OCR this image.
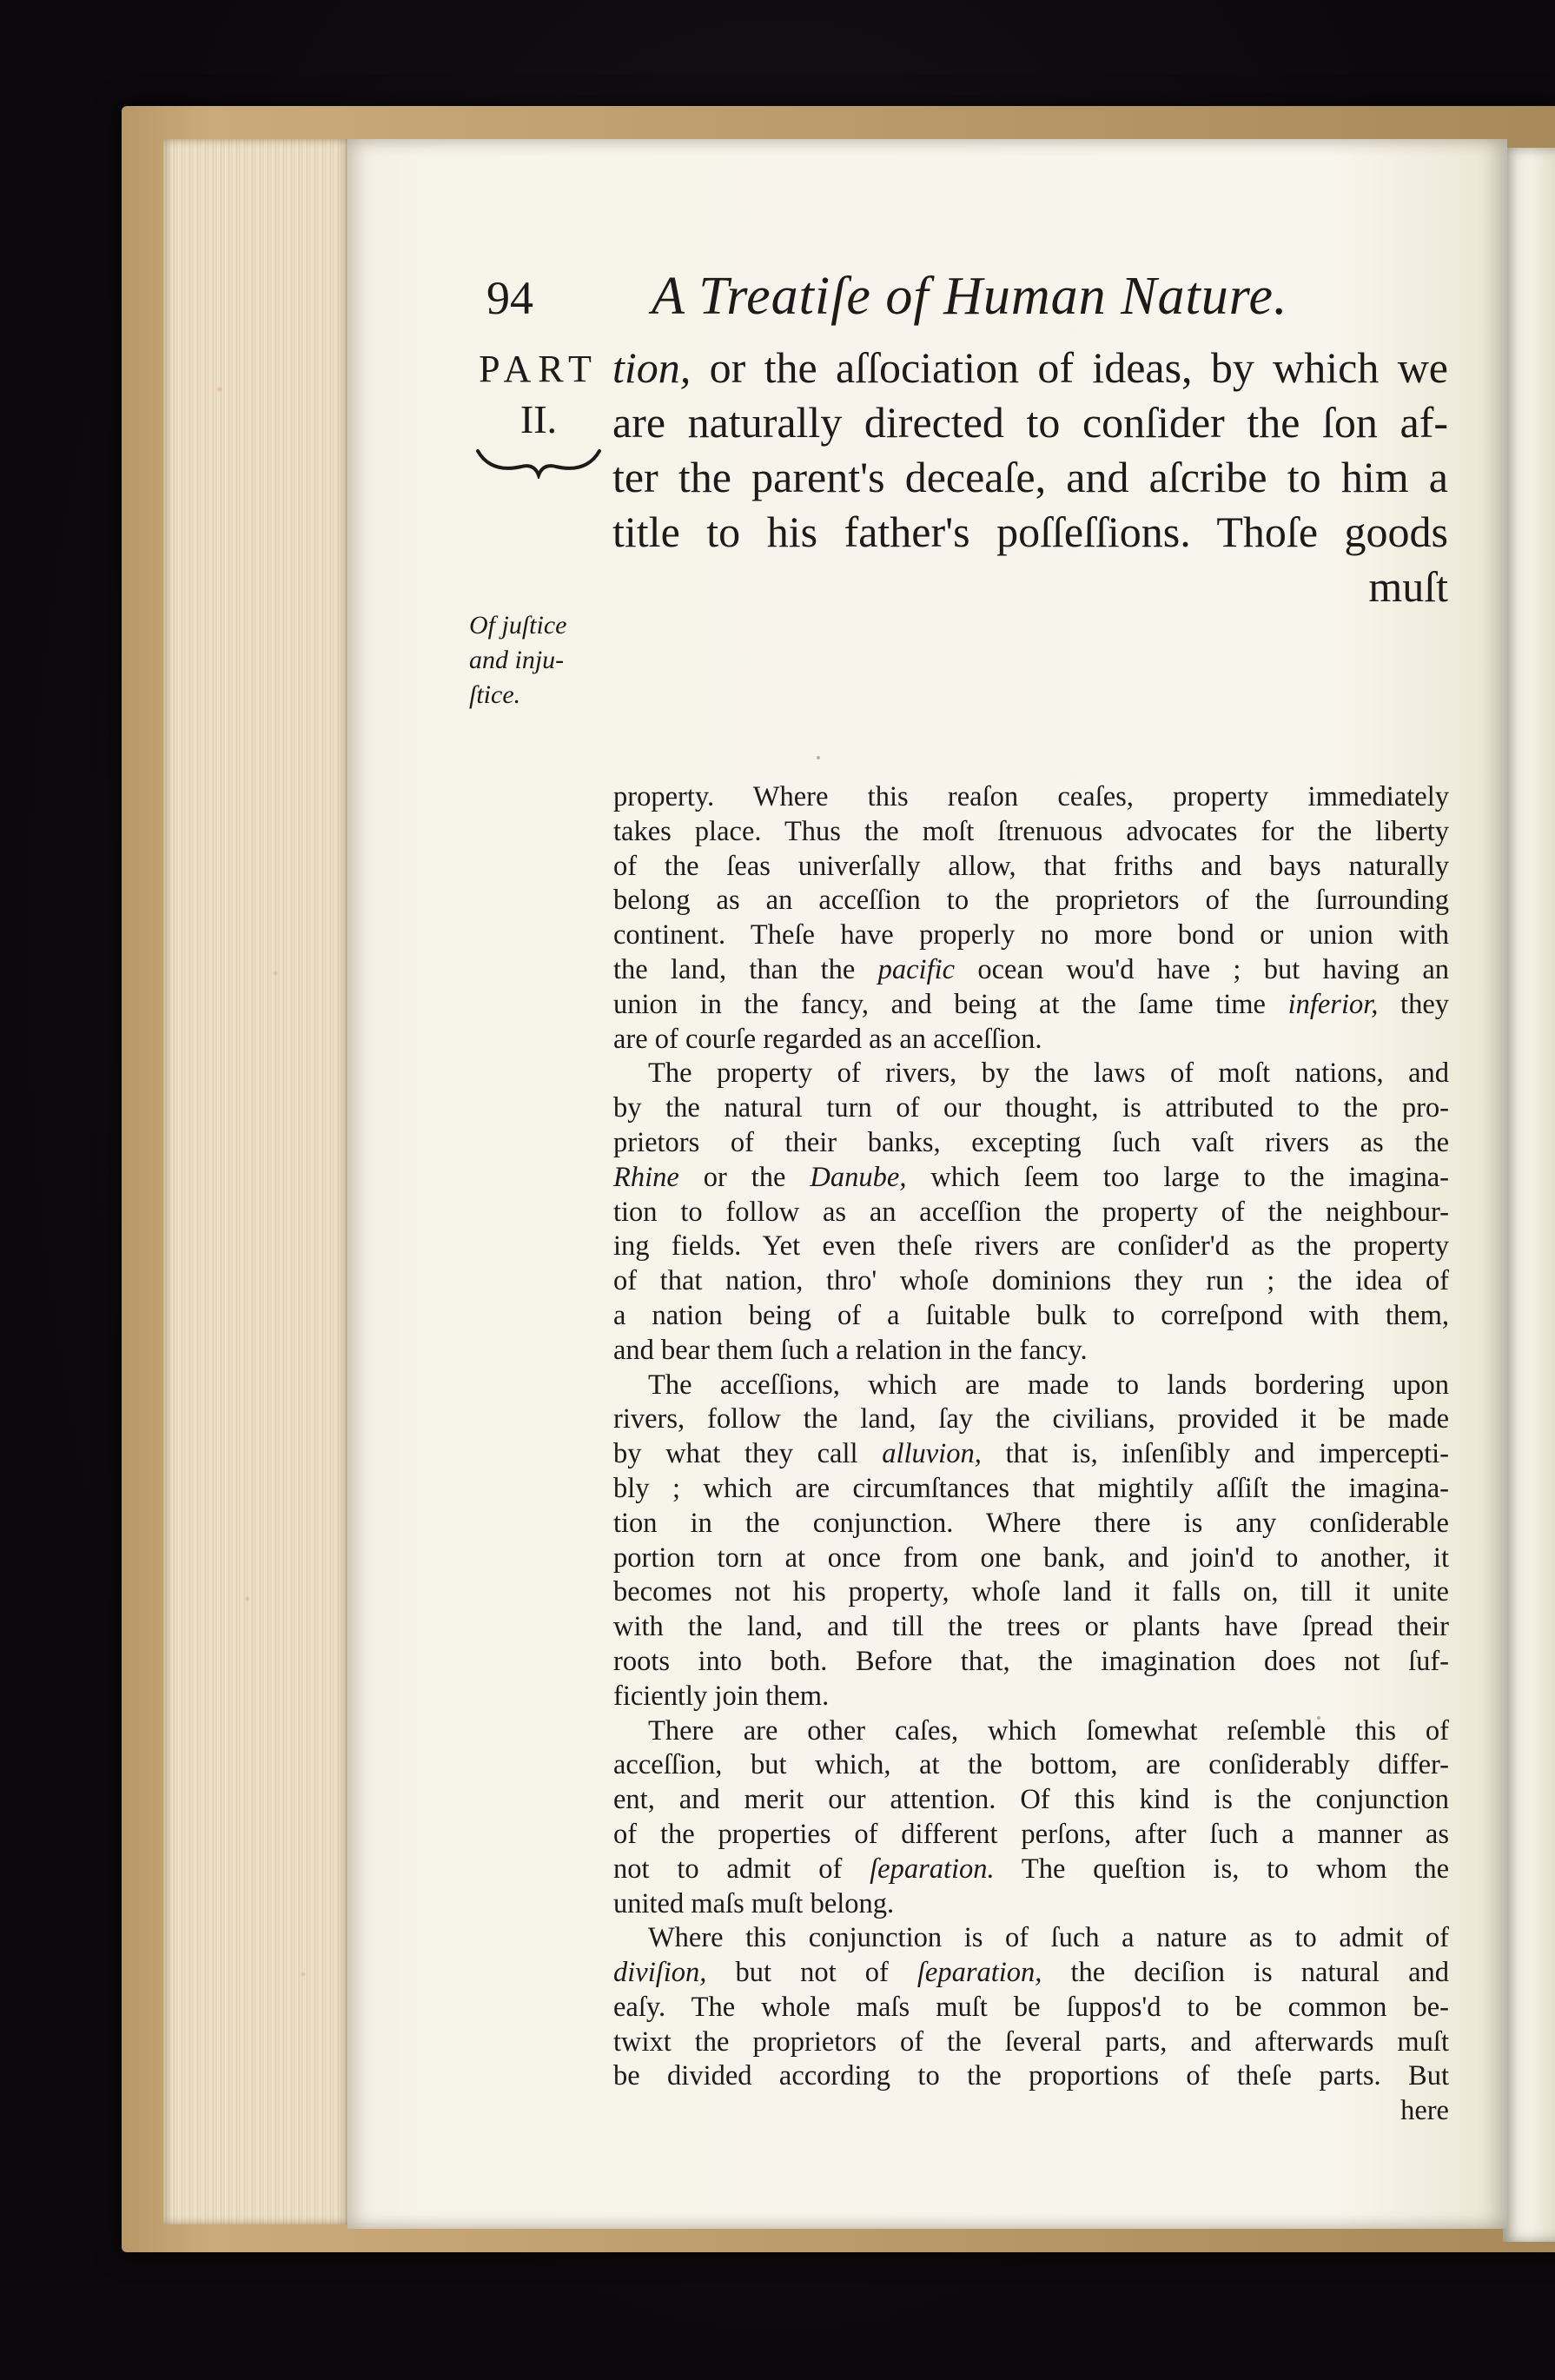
94 A Treatiſe of Human Nature.
PART
II.
Of juſtice
and inju-
ſtice.
tion, or the aſſociation of ideas, by which we
are naturally directed to conſider the ſon af-
ter the parent's deceaſe, and aſcribe to him a
title to his father's poſſeſſions. Thoſe goods
muſt
property. Where this reaſon ceaſes, property immediately
takes place. Thus the moſt ſtrenuous advocates for the liberty
of the ſeas univerſally allow, that friths and bays naturally
belong as an acceſſion to the proprietors of the ſurrounding
continent. Theſe have properly no more bond or union with
the land, than the pacific ocean wou'd have ; but having an
union in the fancy, and being at the ſame time inferior, they
are of courſe regarded as an acceſſion.
The property of rivers, by the laws of moſt nations, and
by the natural turn of our thought, is attributed to the pro-
prietors of their banks, excepting ſuch vaſt rivers as the
Rhine or the Danube, which ſeem too large to the imagina-
tion to follow as an acceſſion the property of the neighbour-
ing fields. Yet even theſe rivers are conſider'd as the property
of that nation, thro' whoſe dominions they run ; the idea of
a nation being of a ſuitable bulk to correſpond with them,
and bear them ſuch a relation in the fancy.
The acceſſions, which are made to lands bordering upon
rivers, follow the land, ſay the civilians, provided it be made
by what they call alluvion, that is, inſenſibly and impercepti-
bly ; which are circumſtances that mightily aſſiſt the imagina-
tion in the conjunction. Where there is any conſiderable
portion torn at once from one bank, and join'd to another, it
becomes not his property, whoſe land it falls on, till it unite
with the land, and till the trees or plants have ſpread their
roots into both. Before that, the imagination does not ſuf-
ficiently join them.
There are other caſes, which ſomewhat reſemble this of
acceſſion, but which, at the bottom, are conſiderably differ-
ent, and merit our attention. Of this kind is the conjunction
of the properties of different perſons, after ſuch a manner as
not to admit of ſeparation. The queſtion is, to whom the
united maſs muſt belong.
Where this conjunction is of ſuch a nature as to admit of
diviſion, but not of ſeparation, the deciſion is natural and
eaſy. The whole maſs muſt be ſuppos'd to be common be-
twixt the proprietors of the ſeveral parts, and afterwards muſt
be divided according to the proportions of theſe parts. But
here
